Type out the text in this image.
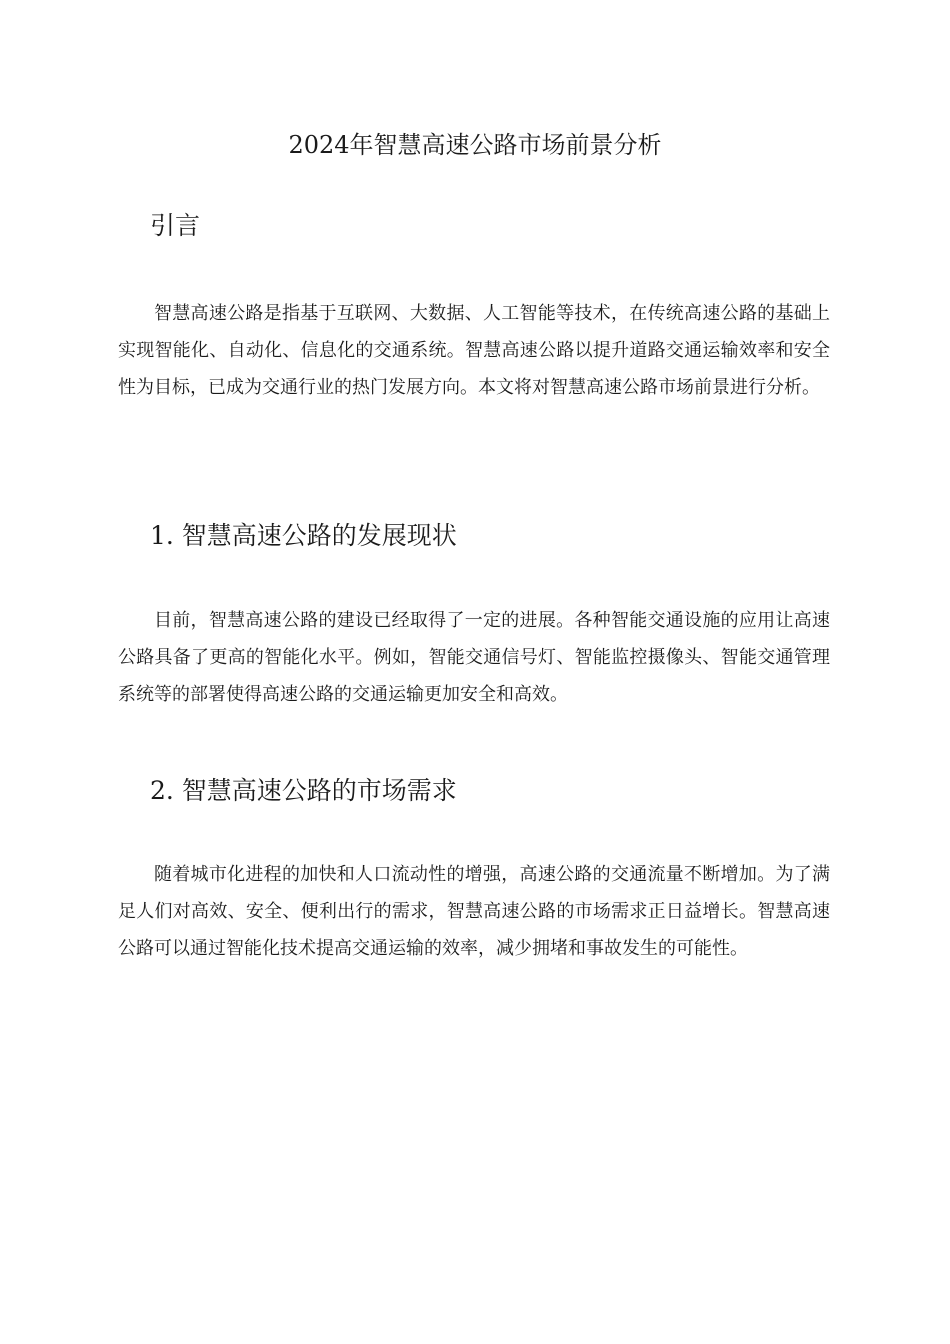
2024年智慧高速公路市场前景分析
引言

智慧高速公路是指基于互联网、大数据、人工智能等技术，在传统高速公路的基础上实现智能化、自动化、信息化的交通系统。智慧高速公路以提升道路交通运输效率和安全性为目标，已成为交通行业的热门发展方向。本文将对智慧高速公路市场前景进行分析。

1. 智慧高速公路的发展现状

目前，智慧高速公路的建设已经取得了一定的进展。各种智能交通设施的应用让高速公路具备了更高的智能化水平。例如，智能交通信号灯、智能监控摄像头、智能交通管理系统等的部署使得高速公路的交通运输更加安全和高效。

2. 智慧高速公路的市场需求

随着城市化进程的加快和人口流动性的增强，高速公路的交通流量不断增加。为了满足人们对高效、安全、便利出行的需求，智慧高速公路的市场需求正日益增长。智慧高速公路可以通过智能化技术提高交通运输的效率，减少拥堵和事故发生的可能性。
